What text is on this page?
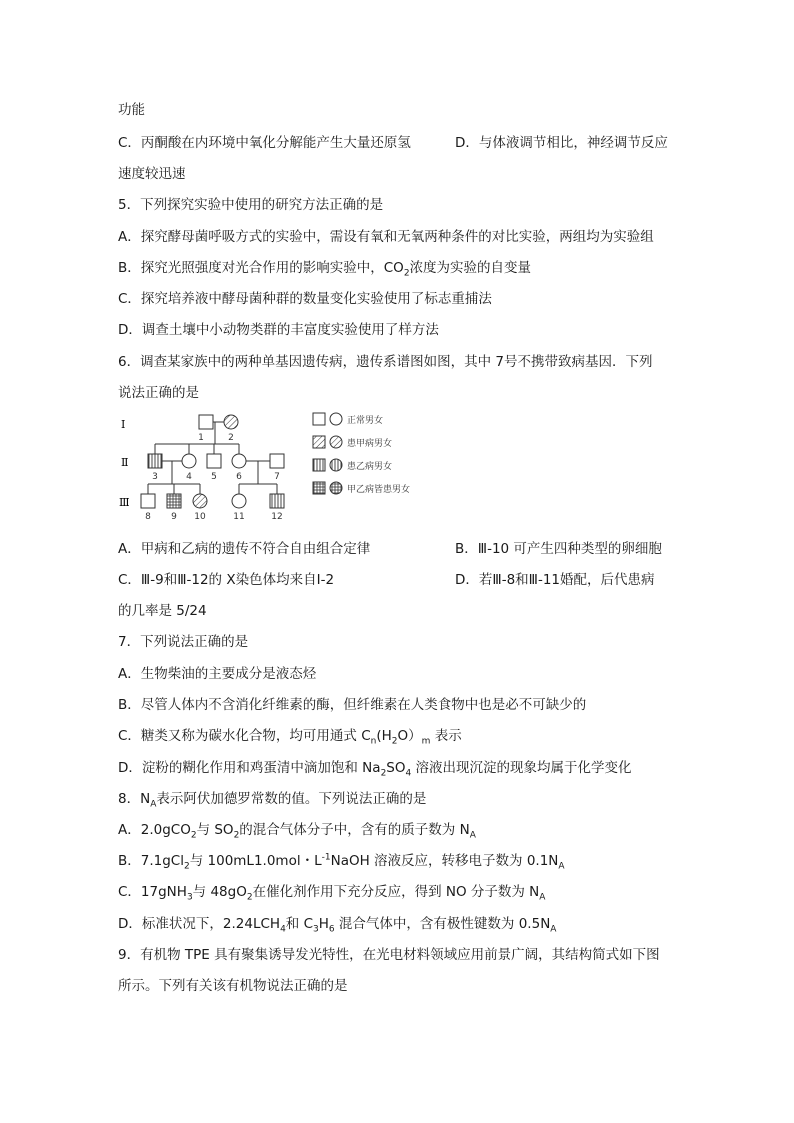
功能
C．丙酮酸在内环境中氧化分解能产生大量还原氢	D．与体液调节相比，神经调节反应
速度较迅速
5．下列探究实验中使用的研究方法正确的是
A．探究酵母菌呼吸方式的实验中，需设有氧和无氧两种条件的对比实验，两组均为实验组
B．探究光照强度对光合作用的影响实验中，$CO_2$浓度为实验的自变量
C．探究培养液中酵母菌种群的数量变化实验使用了标志重捕法
D．调查土壤中小动物类群的丰富度实验使用了样方法
6．调查某家族中的两种单基因遗传病，遗传系谱图如图，其中 7号不携带致病基因．下列
说法正确的是
Ⅰ
Ⅱ
Ⅲ
1	2
3	4 5 6	7
8 9 10	11	12
正常男女
患甲病男女
患乙病男女
甲乙病皆患男女
A．甲病和乙病的遗传不符合自由组合定律	B．Ⅲ-10 可产生四种类型的卵细胞
C．Ⅲ-9和Ⅲ-12的 X染色体均来自Ⅰ-2	D．若Ⅲ-8和Ⅲ-11婚配，后代患病
的几率是 5/24
7．下列说法正确的是
A．生物柴油的主要成分是液态烃
B．尽管人体内不含消化纤维素的酶，但纤维素在人类食物中也是必不可缺少的
C．糖类又称为碳水化合物，均可用通式 $C_n(H_2O)_m$ 表示
D．淀粉的糊化作用和鸡蛋清中滴加饱和 $Na_2SO_4$ 溶液出现沉淀的现象均属于化学变化
8．$N_A$表示阿伏加德罗常数的值。下列说法正确的是
A．2.0gCO$_2$与 $SO_2$的混合气体分子中，含有的质子数为 $N_A$
B．7.1gCl$_2$与 100mL1.0mol・$L^{-1}NaOH$ 溶液反应，转移电子数为 $0.1N_A$
C．17gNH$_3$与 $48gO_2$在催化剂作用下充分反应，得到 NO 分子数为 $N_A$
D．标准状况下，$2.24LCH_4$和 $C_3H_6$ 混合气体中，含有极性键数为 $0.5N_A$
9．有机物 TPE 具有聚集诱导发光特性，在光电材料领域应用前景广阔，其结构简式如下图
所示。下列有关该有机物说法正确的是
